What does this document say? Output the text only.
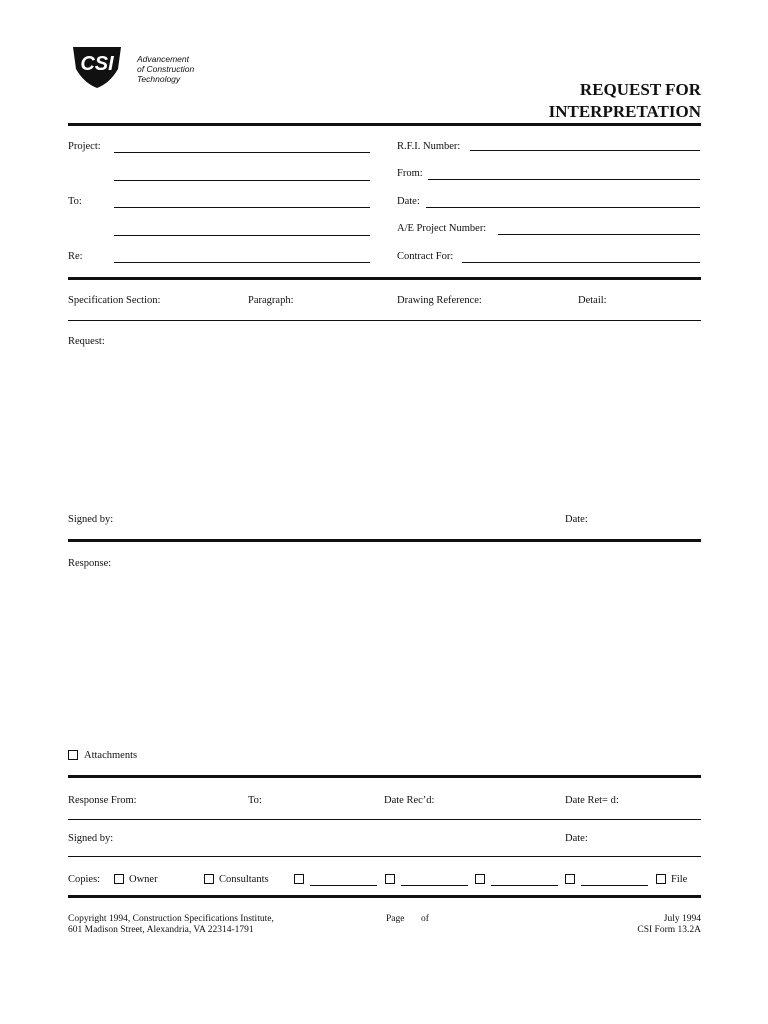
CSI	Advancement
of Construction
Technology
REQUEST FOR
INTERPRETATION
Project:
To:
Re:
R.F.I. Number:
From:
Date:
A/E Project Number:
Contract For:
Specification Section:	Paragraph:	Drawing Reference:	Detail:
Request:
Signed by:	Date:
Response:
Attachments
Response From:	To:	Date Rec’d:	Date Ret= d:
Signed by:	Date:
Copies:	Owner	Consultants	File
Copyright 1994, Construction Specifications Institute,
601 Madison Street, Alexandria, VA 22314-1791
Page of	July 1994
CSI Form 13.2A
